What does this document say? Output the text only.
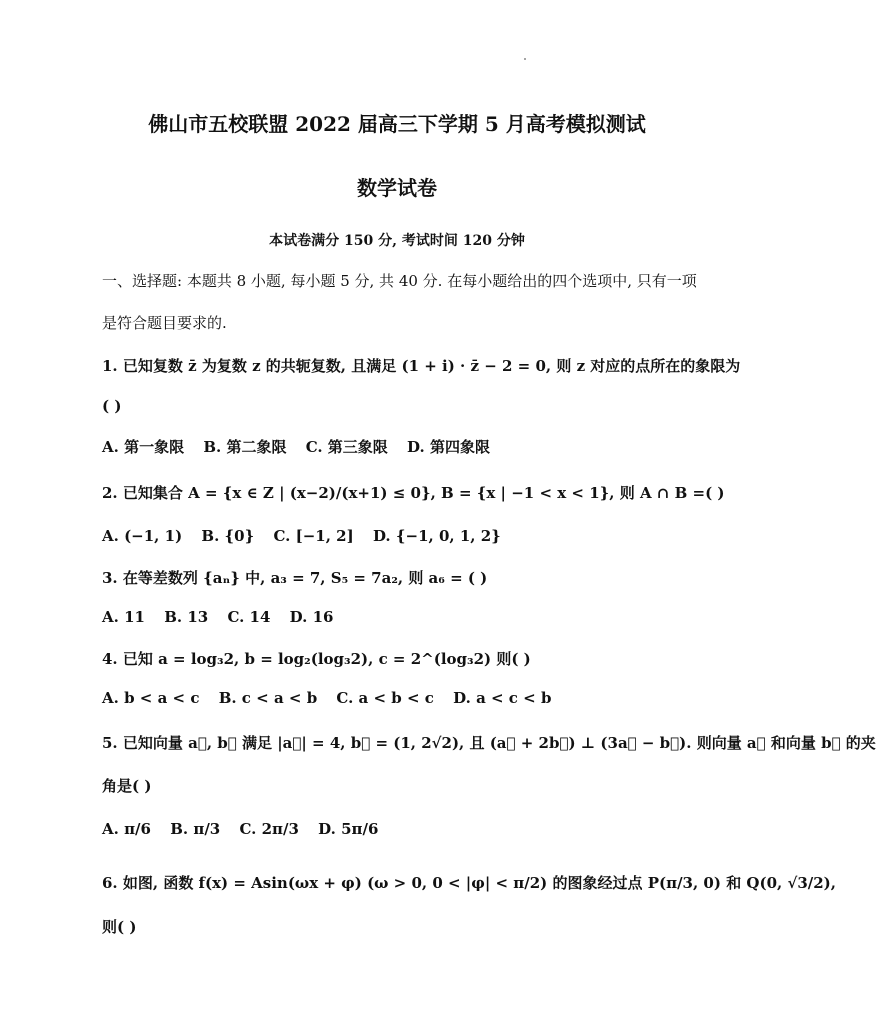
佛山市五校联盟 2022 届高三下学期 5 月高考模拟测试
数学试卷
本试卷满分 150 分, 考试时间 120 分钟
一、选择题: 本题共 8 小题, 每小题 5 分, 共 40 分. 在每小题给出的四个选项中, 只有一项
是符合题目要求的.
1. 已知复数 z̄ 为复数 z 的共轭复数, 且满足 (1 + i) · z̄ − 2 = 0, 则 z 对应的点所在的象限为
( )
A. 第一象限 B. 第二象限 C. 第三象限 D. 第四象限
2. 已知集合 A = {x ∈ Z | (x−2)/(x+1) ≤ 0}, B = {x | −1 < x < 1}, 则 A ∩ B =( )
A. (−1, 1) B. {0} C. [−1, 2] D. {−1, 0, 1, 2}
3. 在等差数列 {aₙ} 中, a₃ = 7, S₅ = 7a₂, 则 a₆ = ( )
A. 11 B. 13 C. 14 D. 16
4. 已知 a = log₃2, b = log₂(log₃2), c = 2^(log₃2) 则( )
A. b < a < c B. c < a < b C. a < b < c D. a < c < b
5. 已知向量 a⃗, b⃗ 满足 |a⃗| = 4, b⃗ = (1, 2√2), 且 (a⃗ + 2b⃗) ⊥ (3a⃗ − b⃗). 则向量 a⃗ 和向量 b⃗ 的夹
角是( )
A. π/6 B. π/3 C. 2π/3 D. 5π/6
6. 如图, 函数 f(x) = Asin(ωx + φ) (ω > 0, 0 < |φ| < π/2) 的图象经过点 P(π/3, 0) 和 Q(0, √3/2),
则( )
